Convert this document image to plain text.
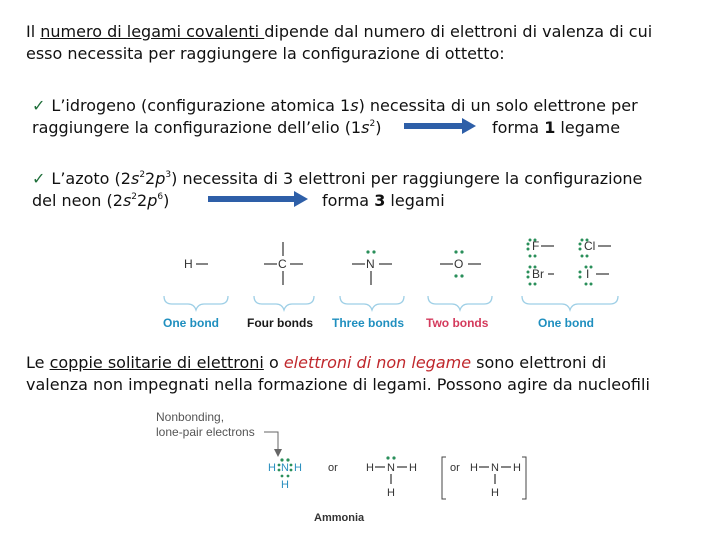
Il numero di legami covalenti dipende dal numero di elettroni di valenza di cui
esso necessita per raggiungere la configurazione di ottetto:
✓ L’idrogeno (configurazione atomica 1s) necessita di un solo elettrone per
raggiungere la configurazione dell’elio $(1s^2)$	forma 1 legame
✓ L’azoto $(2s^22p^3)$ necessita di 3 elettroni per raggiungere la configurazione
del neon $(2s^22p^6)$	forma 3 legami
H	C	N	O
F	Cl
Br	I
One bond Four bonds Three bonds Two bonds	One bond
Le coppie solitarie di elettroni o elettroni di non legame sono elettroni di
valenza non impegnati nella formazione di legami. Possono agire da nucleofili
Nonbonding,
lone-pair electrons
H N H
H
or	H N H
H
or H N H
H
Ammonia
